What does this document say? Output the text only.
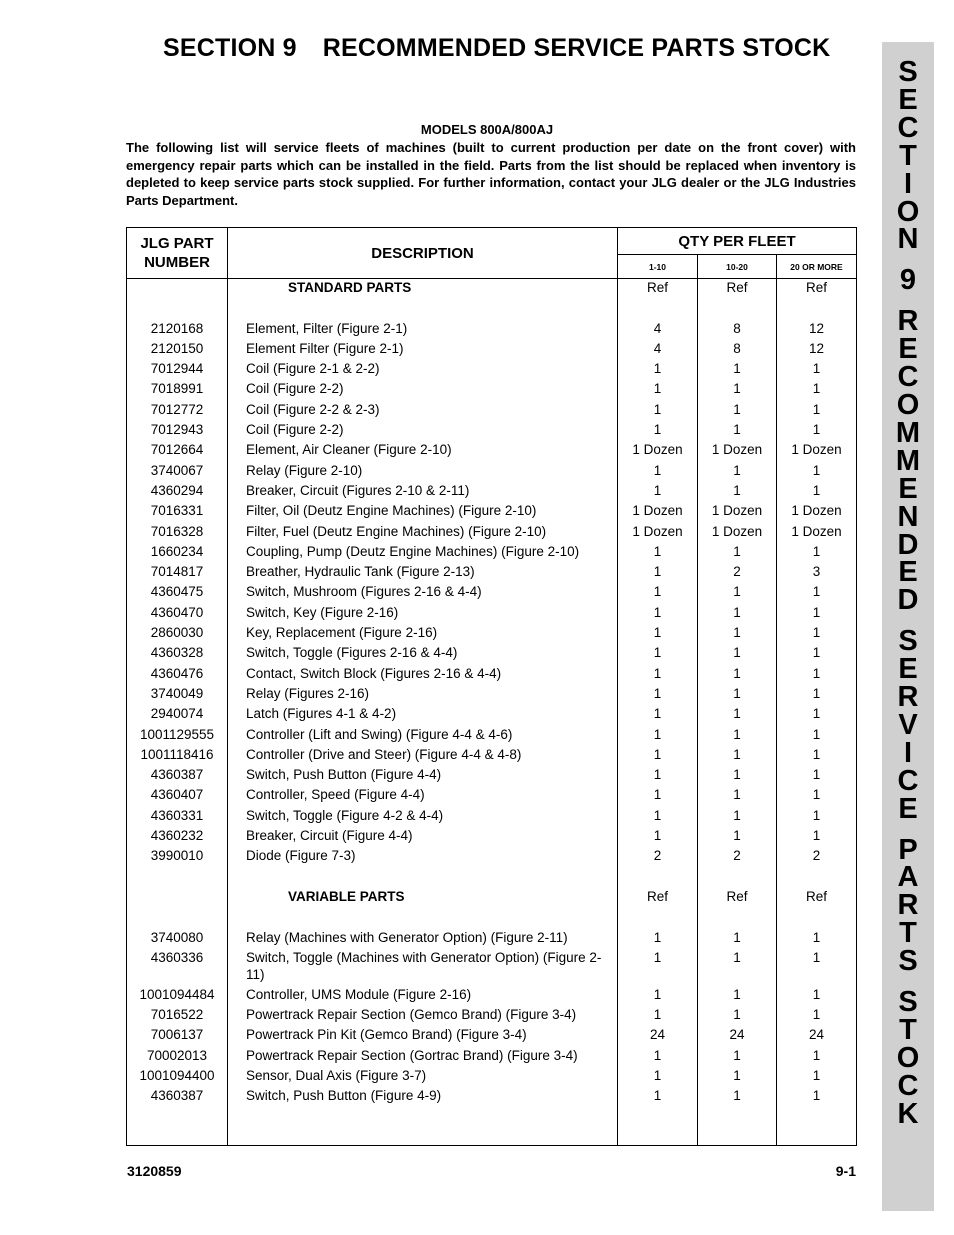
SECTION 9 RECOMMENDED SERVICE PARTS STOCK
MODELS 800A/800AJ
The following list will service fleets of machines (built to current production per date on the front cover) with emergency repair parts which can be installed in the field. Parts from the list should be replaced when inventory is depleted to keep service parts stock supplied. For further information, contact your JLG dealer or the JLG Industries Parts Department.
JLG PART NUMBER	DESCRIPTION	QTY PER FLEET		
		1-10	10-20	20 OR MORE
	STANDARD PARTS	Ref	Ref	Ref

2120168	Element, Filter (Figure 2-1)	4	8	12
2120150	Element Filter (Figure 2-1)	4	8	12
7012944	Coil (Figure 2-1 & 2-2)	1	1	1
7018991	Coil (Figure 2-2)	1	1	1
7012772	Coil (Figure 2-2 & 2-3)	1	1	1
7012943	Coil (Figure 2-2)	1	1	1
7012664	Element, Air Cleaner (Figure 2-10)	1 Dozen	1 Dozen	1 Dozen
3740067	Relay (Figure 2-10)	1	1	1
4360294	Breaker, Circuit (Figures 2-10 & 2-11)	1	1	1
7016331	Filter, Oil (Deutz Engine Machines) (Figure 2-10)	1 Dozen	1 Dozen	1 Dozen
7016328	Filter, Fuel (Deutz Engine Machines) (Figure 2-10)	1 Dozen	1 Dozen	1 Dozen
1660234	Coupling, Pump (Deutz Engine Machines) (Figure 2-10)	1	1	1
7014817	Breather, Hydraulic Tank (Figure 2-13)	1	2	3
4360475	Switch, Mushroom (Figures 2-16 & 4-4)	1	1	1
4360470	Switch, Key (Figure 2-16)	1	1	1
2860030	Key, Replacement (Figure 2-16)	1	1	1
4360328	Switch, Toggle (Figures 2-16 & 4-4)	1	1	1
4360476	Contact, Switch Block (Figures 2-16 & 4-4)	1	1	1
3740049	Relay (Figures 2-16)	1	1	1
2940074	Latch (Figures 4-1 & 4-2)	1	1	1
1001129555	Controller (Lift and Swing) (Figure 4-4 & 4-6)	1	1	1
1001118416	Controller (Drive and Steer) (Figure 4-4 & 4-8)	1	1	1
4360387	Switch, Push Button (Figure 4-4)	1	1	1
4360407	Controller, Speed (Figure 4-4)	1	1	1
4360331	Switch, Toggle (Figure 4-2 & 4-4)	1	1	1
4360232	Breaker, Circuit (Figure 4-4)	1	1	1
3990010	Diode (Figure 7-3)	2	2	2

	VARIABLE PARTS	Ref	Ref	Ref

3740080	Relay (Machines with Generator Option) (Figure 2-11)	1	1	1
4360336	Switch, Toggle (Machines with Generator Option) (Figure 2-11)	1	1	1
1001094484	Controller, UMS Module (Figure 2-16)	1	1	1
7016522	Powertrack Repair Section (Gemco Brand) (Figure 3-4)	1	1	1
7006137	Powertrack Pin Kit (Gemco Brand) (Figure 3-4)	24	24	24
70002013	Powertrack Repair Section (Gortrac Brand) (Figure 3-4)	1	1	1
1001094400	Sensor, Dual Axis (Figure 3-7)	1	1	1
4360387	Switch, Push Button (Figure 4-9)	1	1	1

S
E
C
T
I
O
N
9
R
E
C
O
M
M
E
N
D
E
D
S
E
R
V
I
C
E
P
A
R
T
S
S
T
O
C
K
3120859	9-1
